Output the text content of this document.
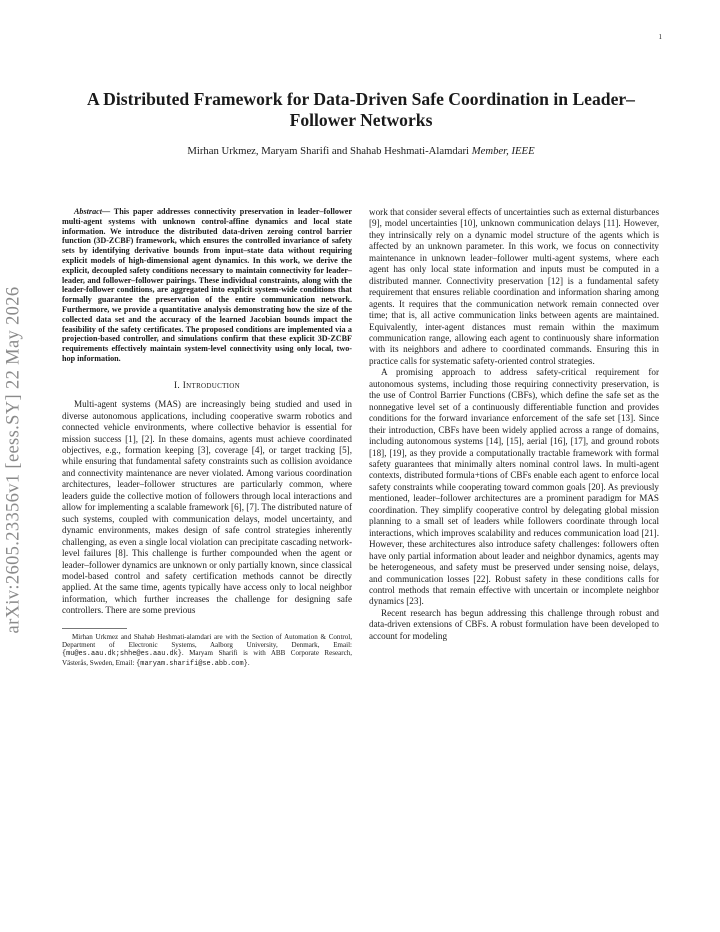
1
arXiv:2605.23356v1 [eess.SY] 22 May 2026
A Distributed Framework for Data-Driven Safe Coordination in Leader–Follower Networks
Mirhan Urkmez, Maryam Sharifi and Shahab Heshmati-Alamdari Member, IEEE

Abstract— This paper addresses connectivity preservation in leader–follower multi-agent systems with unknown control-affine dynamics and local state information. We introduce the distributed data-driven zeroing control barrier function (3D-ZCBF) framework, which ensures the controlled invariance of safety sets by identifying derivative bounds from input–state data without requiring explicit models of high-dimensional agent dynamics. In this work, we derive the explicit, decoupled safety conditions necessary to maintain connectivity for leader–leader, and follower–follower pairings. These individual constraints, along with the leader-follower conditions, are aggregated into explicit system-wide conditions that formally guarantee the preservation of the entire communication network. Furthermore, we provide a quantitative analysis demonstrating how the size of the collected data set and the accuracy of the learned Jacobian bounds impact the feasibility of the safety certificates. The proposed conditions are implemented via a projection-based controller, and simulations confirm that these explicit 3D-ZCBF requirements effectively maintain system-level connectivity using only local, two-hop information.

I. Introduction

Multi-agent systems (MAS) are increasingly being studied and used in diverse autonomous applications, including cooperative swarm robotics and connected vehicle environments, where collective behavior is essential for mission success [1], [2]. In these domains, agents must achieve coordinated objectives, e.g., formation keeping [3], coverage [4], or target tracking [5], while ensuring that fundamental safety constraints such as collision avoidance and connectivity maintenance are never violated. Among various coordination architectures, leader–follower structures are particularly common, where leaders guide the collective motion of followers through local interactions and allow for implementing a scalable framework [6], [7]. The distributed nature of such systems, coupled with communication delays, model uncertainty, and dynamic environments, makes design of safe control strategies inherently challenging, as even a single local violation can precipitate cascading network-level failures [8]. This challenge is further compounded when the agent or leader–follower dynamics are unknown or only partially known, since classical model-based control and safety certification methods cannot be directly applied. At the same time, agents typically have access only to local neighbor information, which further increases the challenge for designing safe controllers. There are some previous

Mirhan Urkmez and Shahab Heshmati-alamdari are with the Section of Automation & Control, Department of Electronic Systems, Aalborg University, Denmark, Email: {mu@es.aau.dk;shhe@es.aau.dk}. Maryam Sharifi is with ABB Corporate Research, Västerås, Sweden, Email: {maryam.sharifi@se.abb.com}.

work that consider several effects of uncertainties such as external disturbances [9], model uncertainties [10], unknown communication delays [11]. However, they intrinsically rely on a dynamic model structure of the agents which is affected by an unknown parameter. In this work, we focus on connectivity maintenance in unknown leader–follower multi-agent systems, where each agent has only local state information and inputs must be computed in a distributed manner. Connectivity preservation [12] is a fundamental safety requirement that ensures reliable coordination and information sharing among agents. It requires that the communication network remain connected over time; that is, all active communication links between agents are maintained. Equivalently, inter-agent distances must remain within the maximum communication range, allowing each agent to continuously share information with its neighbors and adhere to coordinated commands. Ensuring this in practice calls for systematic safety-oriented control strategies.

A promising approach to address safety-critical requirement for autonomous systems, including those requiring connectivity preservation, is the use of Control Barrier Functions (CBFs), which define the safe set as the nonnegative level set of a continuously differentiable function and provides conditions for the forward invariance enforcement of the safe set [13]. Since their introduction, CBFs have been widely applied across a range of domains, including autonomous systems [14], [15], aerial [16], [17], and ground robots [18], [19], as they provide a computationally tractable framework with formal safety guarantees that minimally alters nominal control laws. In multi-agent contexts, distributed formula+tions of CBFs enable each agent to enforce local safety constraints while cooperating toward common goals [20]. As previously mentioned, leader–follower architectures are a prominent paradigm for MAS coordination. They simplify cooperative control by delegating global mission planning to a small set of leaders while followers coordinate through local interactions, which improves scalability and reduces communication load [21]. However, these architectures also introduce safety challenges: followers often have only partial information about leader and neighbor dynamics, agents may be heterogeneous, and safety must be preserved under sensing noise, delays, and communication losses [22]. Robust safety in these conditions calls for control methods that remain effective with uncertain or incomplete neighbor dynamics [23].

Recent research has begun addressing this challenge through robust and data-driven extensions of CBFs. A robust formulation have been developed to account for modeling
